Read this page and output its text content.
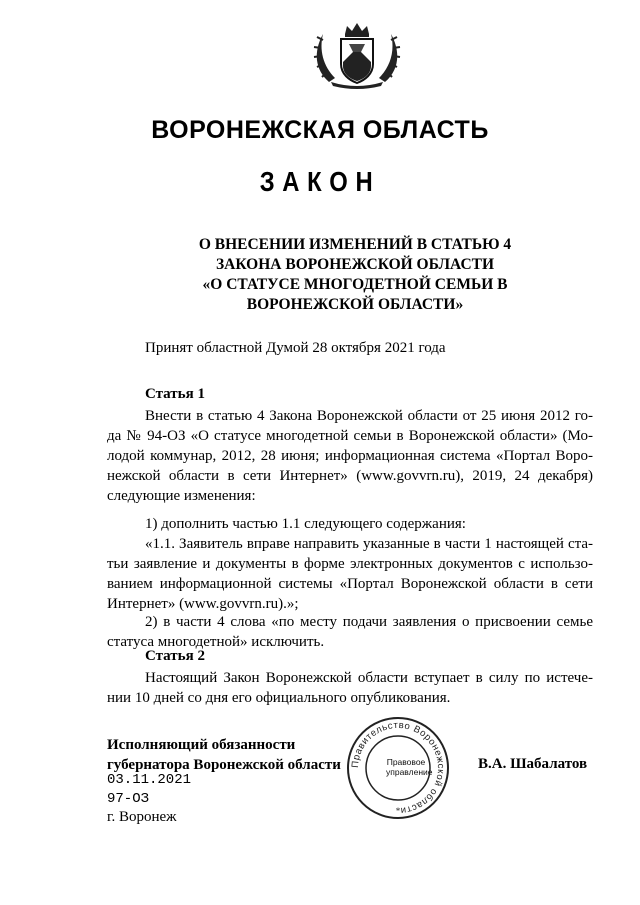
ВОРОНЕЖСКАЯ ОБЛАСТЬ
ЗАКОН
О ВНЕСЕНИИ ИЗМЕНЕНИЙ В СТАТЬЮ 4
ЗАКОНА ВОРОНЕЖСКОЙ ОБЛАСТИ
«О СТАТУСЕ МНОГОДЕТНОЙ СЕМЬИ В
ВОРОНЕЖСКОЙ ОБЛАСТИ»
Принят областной Думой 28 октября 2021 года
Статья 1
Внести в статью 4 Закона Воронежской области от 25 июня 2012 го-
да № 94-ОЗ «О статусе многодетной семьи в Воронежской области» (Мо-
лодой коммунар, 2012, 28 июня; информационная система «Портал Воро-
нежской области в сети Интернет» (www.govvrn.ru), 2019, 24 декабря)
следующие изменения:
1) дополнить частью 1.1 следующего содержания:
«1.1. Заявитель вправе направить указанные в части 1 настоящей ста-
тьи заявление и документы в форме электронных документов с использо-
ванием информационной системы «Портал Воронежской области в сети
Интернет» (www.govvrn.ru).»;
2) в части 4 слова «по месту подачи заявления о присвоении семье
статуса многодетной» исключить.
Статья 2
Настоящий Закон Воронежской области вступает в силу по истече-
нии 10 дней со дня его официального опубликования.
Исполняющий обязанности
губернатора Воронежской области
03.11.2021
97-ОЗ
г. Воронеж
Правительство Воронежской области
*
Правовое
управление	В.А. Шабалатов
